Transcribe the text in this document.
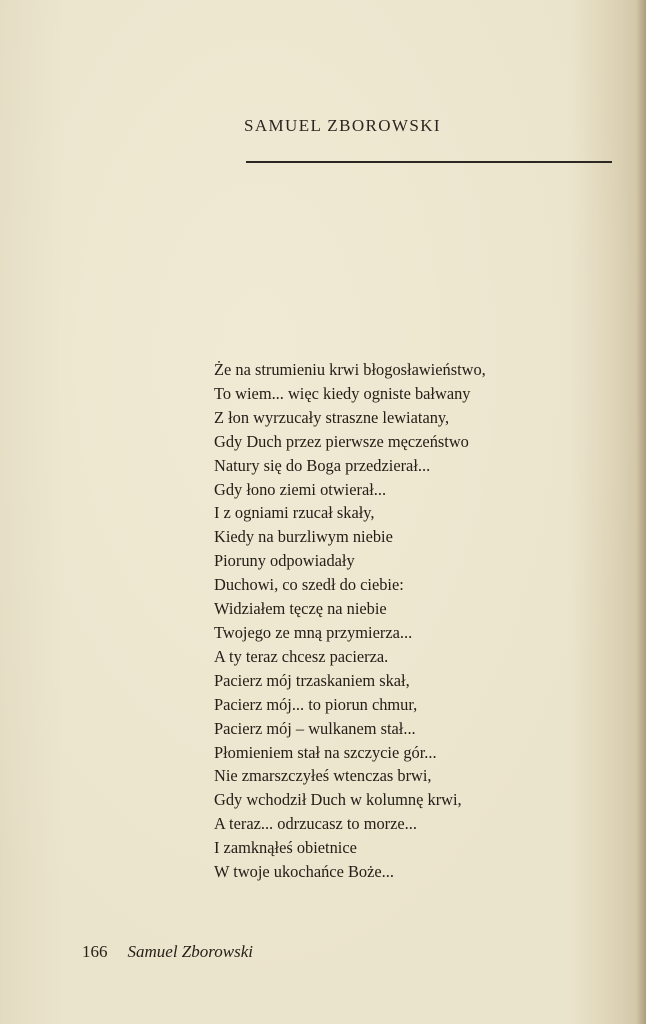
SAMUEL ZBOROWSKI
Że na strumieniu krwi błogosławieństwo,
To wiem... więc kiedy ogniste bałwany
Z łon wyrzucały straszne lewiatany,
Gdy Duch przez pierwsze męczeństwo
Natury się do Boga przedzierał...
Gdy łono ziemi otwierał...
I z ogniami rzucał skały,
Kiedy na burzliwym niebie
Pioruny odpowiadały
Duchowi, co szedł do ciebie:
Widziałem tęczę na niebie
Twojego ze mną przymierza...
A ty teraz chcesz pacierza.
Pacierz mój trzaskaniem skał,
Pacierz mój... to piorun chmur,
Pacierz mój – wulkanem stał...
Płomieniem stał na szczycie gór...
Nie zmarszczyłeś wtenczas brwi,
Gdy wchodził Duch w kolumnę krwi,
A teraz... odrzucasz to morze...
I zamknąłeś obietnice
W twoje ukochańce Boże...
166 Samuel Zborowski
